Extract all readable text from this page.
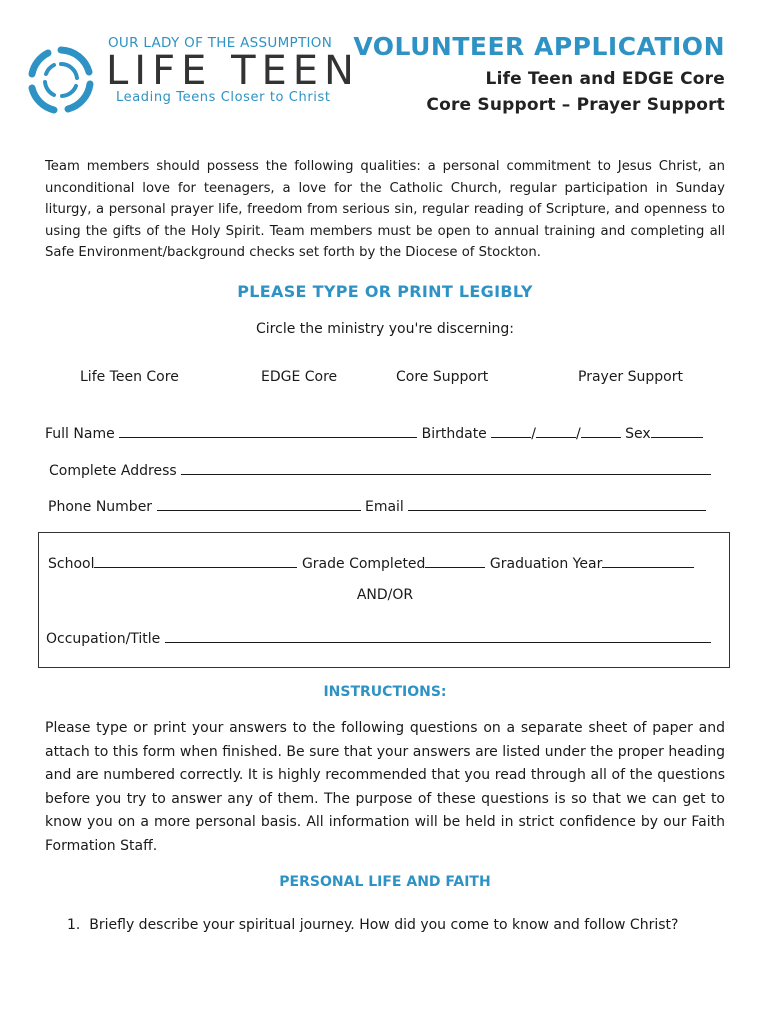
OUR LADY OF THE ASSUMPTION
LIFE TEEN
Leading Teens Closer to Christ
VOLUNTEER APPLICATION
Life Teen and EDGE Core
Core Support – Prayer Support
Team members should possess the following qualities: a personal commitment to Jesus Christ, an unconditional love for teenagers, a love for the Catholic Church, regular participation in Sunday liturgy, a personal prayer life, freedom from serious sin, regular reading of Scripture, and openness to using the gifts of the Holy Spirit. Team members must be open to annual training and completing all Safe Environment/background checks set forth by the Diocese of Stockton.
PLEASE TYPE OR PRINT LEGIBLY
Circle the ministry you're discerning:
Life Teen Core	EDGE Core	Core Support	Prayer Support
Full Name	Birthdate	/	/	Sex
Complete Address
Phone Number	Email
School	Grade Completed	Graduation Year
AND/OR
Occupation/Title
INSTRUCTIONS:
Please type or print your answers to the following questions on a separate sheet of paper and attach to this form when finished. Be sure that your answers are listed under the proper heading and are numbered correctly. It is highly recommended that you read through all of the questions before you try to answer any of them. The purpose of these questions is so that we can get to know you on a more personal basis. All information will be held in strict confidence by our Faith Formation Staff.
PERSONAL LIFE AND FAITH
1. Briefly describe your spiritual journey. How did you come to know and follow Christ?
